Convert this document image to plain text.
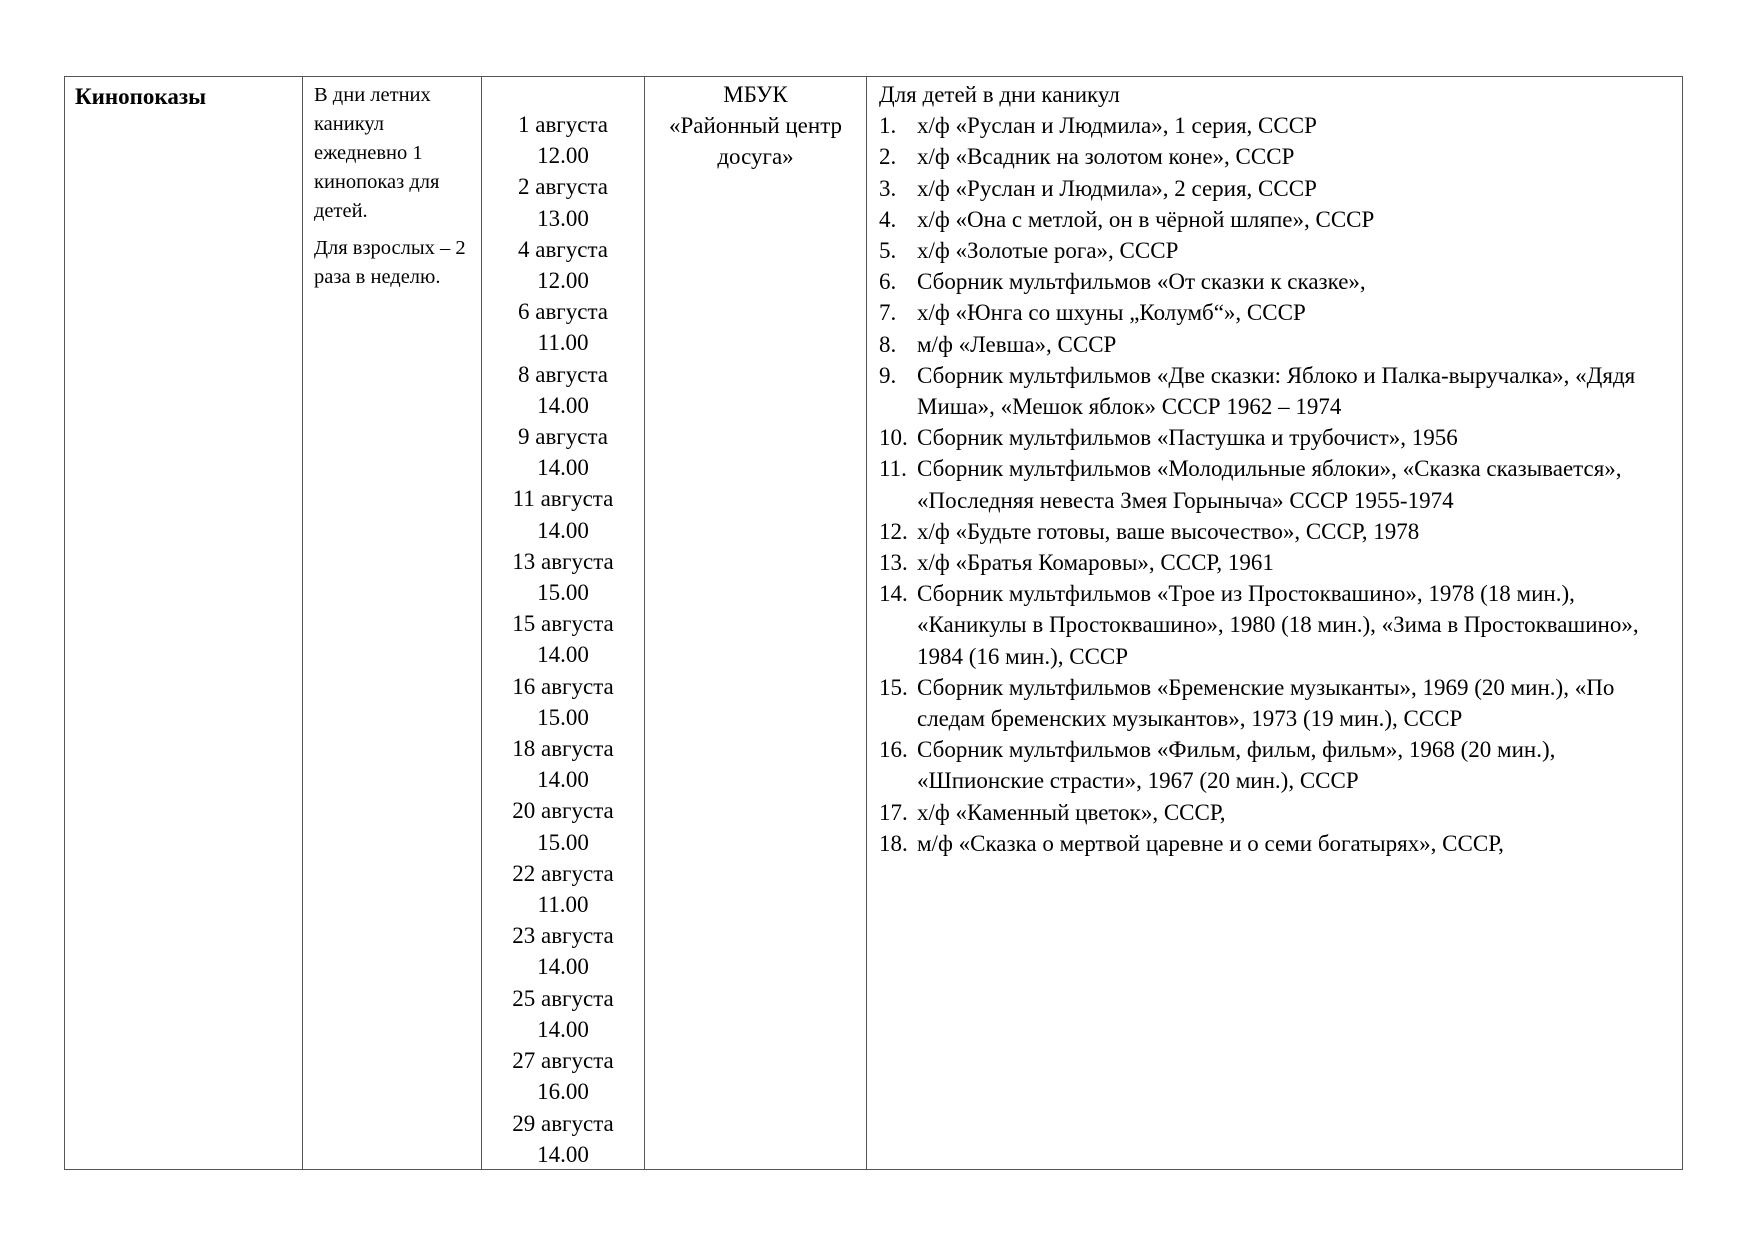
Кинопоказы	В дни летних каникул ежедневно 1 кинопоказ для детей.

Для взрослых – 2 раза в неделю.

1 августа
12.00
2 августа
13.00
4 августа
12.00
6 августа
11.00
8 августа
14.00
9 августа
14.00
11 августа
14.00
13 августа
15.00
15 августа
14.00
16 августа
15.00
18 августа
14.00
20 августа
15.00
22 августа
11.00
23 августа
14.00
25 августа
14.00
27 августа
16.00
29 августа
14.00
МБУК
«Районный центр
досуга»
Для детей в дни каникул
1. х/ф «Руслан и Людмила», 1 серия, СССР
2. х/ф «Всадник на золотом коне», СССР
3. х/ф «Руслан и Людмила», 2 серия, СССР
4. х/ф «Она с метлой, он в чёрной шляпе», СССР
5. х/ф «Золотые рога», СССР
6. Сборник мультфильмов «От сказки к сказке»,
7. х/ф «Юнга со шхуны „Колумб“», СССР
8. м/ф «Левша», СССР
9. Сборник мультфильмов «Две сказки: Яблоко и Палка-выручалка», «Дядя Миша», «Мешок яблок» СССР 1962 – 1974
10. Сборник мультфильмов «Пастушка и трубочист», 1956
11. Сборник мультфильмов «Молодильные яблоки», «Сказка сказывается», «Последняя невеста Змея Горыныча» СССР 1955-1974
12. х/ф «Будьте готовы, ваше высочество», СССР, 1978
13. х/ф «Братья Комаровы», СССР, 1961
14. Сборник мультфильмов «Трое из Простоквашино», 1978 (18 мин.), «Каникулы в Простоквашино», 1980 (18 мин.), «Зима в Простоквашино», 1984 (16 мин.), СССР
15. Сборник мультфильмов «Бременские музыканты», 1969 (20 мин.), «По следам бременских музыкантов», 1973 (19 мин.), СССР
16. Сборник мультфильмов «Фильм, фильм, фильм», 1968 (20 мин.), «Шпионские страсти», 1967 (20 мин.), СССР
17. х/ф «Каменный цветок», СССР,
18. м/ф «Сказка о мертвой царевне и о семи богатырях», СССР,
